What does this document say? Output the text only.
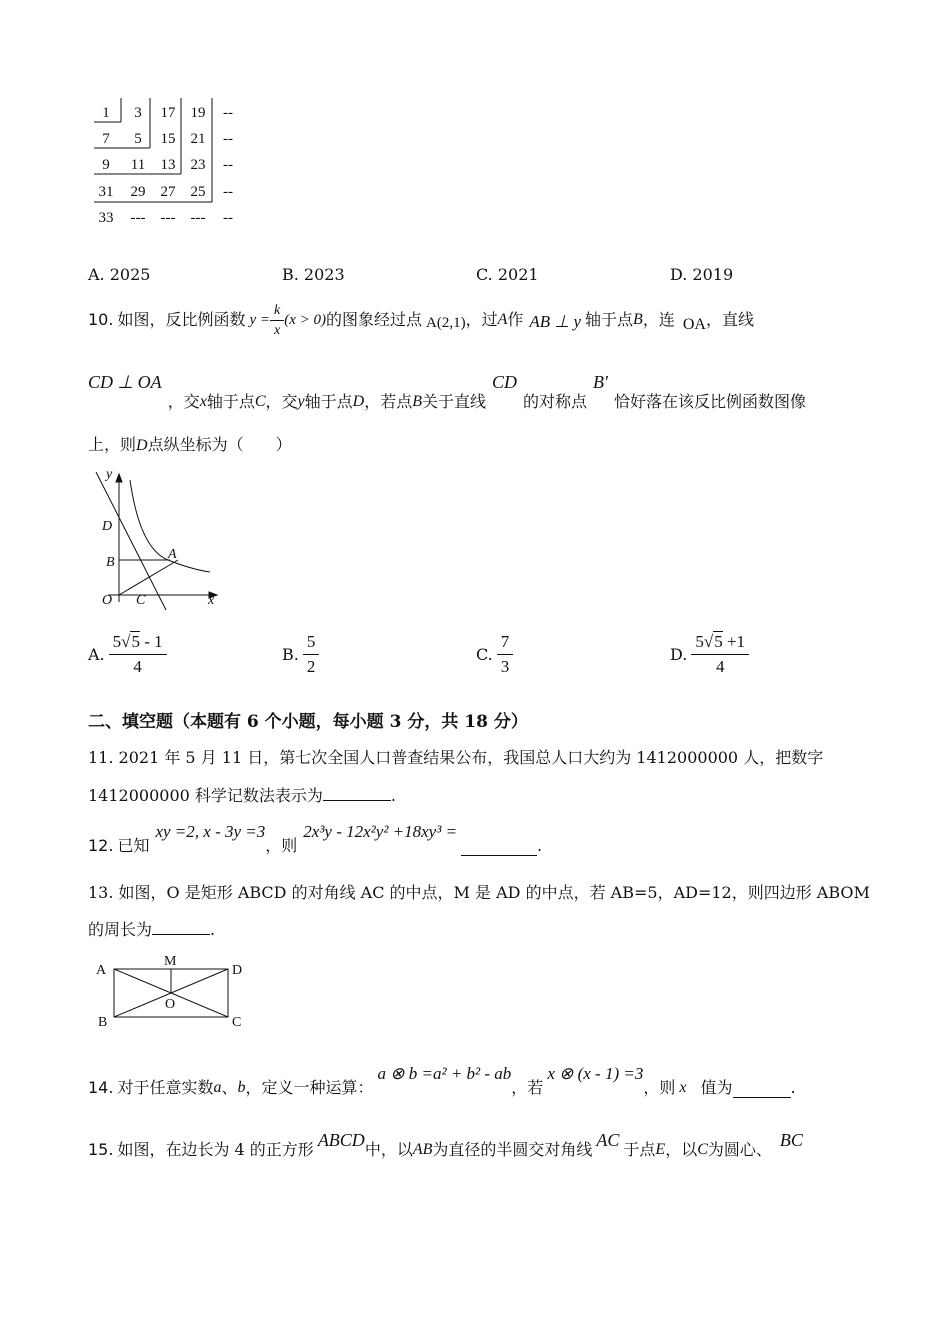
1 3 17 19 --
7 5 15 21 --
9 11 13 23 --
31 29 27 25 --
33 --- --- --- --
A. 2025	B. 2023	C. 2021	D. 2019
10. 如图，反比例函数 $y = \frac{k}{x} (x > 0)$ 的图象经过点 A(2,1) ，过 A 作 AB ⊥ y 轴于点 B ，连 OA ，直线
CD ⊥ OA
，交 x 轴于点 C ，交 y 轴于点 D ，若点 B 关于直线
CD
的对称点
B′
恰好落在该反比例函数图像
上，则D点纵坐标为（　　）
y
D
B
A
O C	x
A. $\frac{5√5 - 1}{4}$	B. $\frac{5}{2}$	C. $\frac{7}{3}$	D. $\frac{5√5 +1}{4}$
二、填空题（本题有 6 个小题，每小题 3 分，共 18 分）
11. 2021 年 5 月 11 日，第七次全国人口普查结果公布，我国总人口大约为 1412000000 人，把数字
1412000000 科学记数法表示为	.
12. 已知
xy =2, x - 3y =3
，则
2x³y - 12x²y² +18xy³ =
.
13. 如图，O 是矩形 ABCD 的对角线 AC 的中点，M 是 AD 的中点，若 AB=5，AD=12，则四边形 ABOM
的周长为	.
A
M
D
O
B	C
14. 对于任意实数 a 、 b ，定义一种运算：
a ⊗ b =a² + b² - ab
，若
x ⊗ (x - 1) =3
，则 x 值为	.
15. 如图，在边长为 4 的正方形 ABCD 中，以 AB 为直径的半圆交对角线 AC 于点 E ，以 C 为圆心、 BC
